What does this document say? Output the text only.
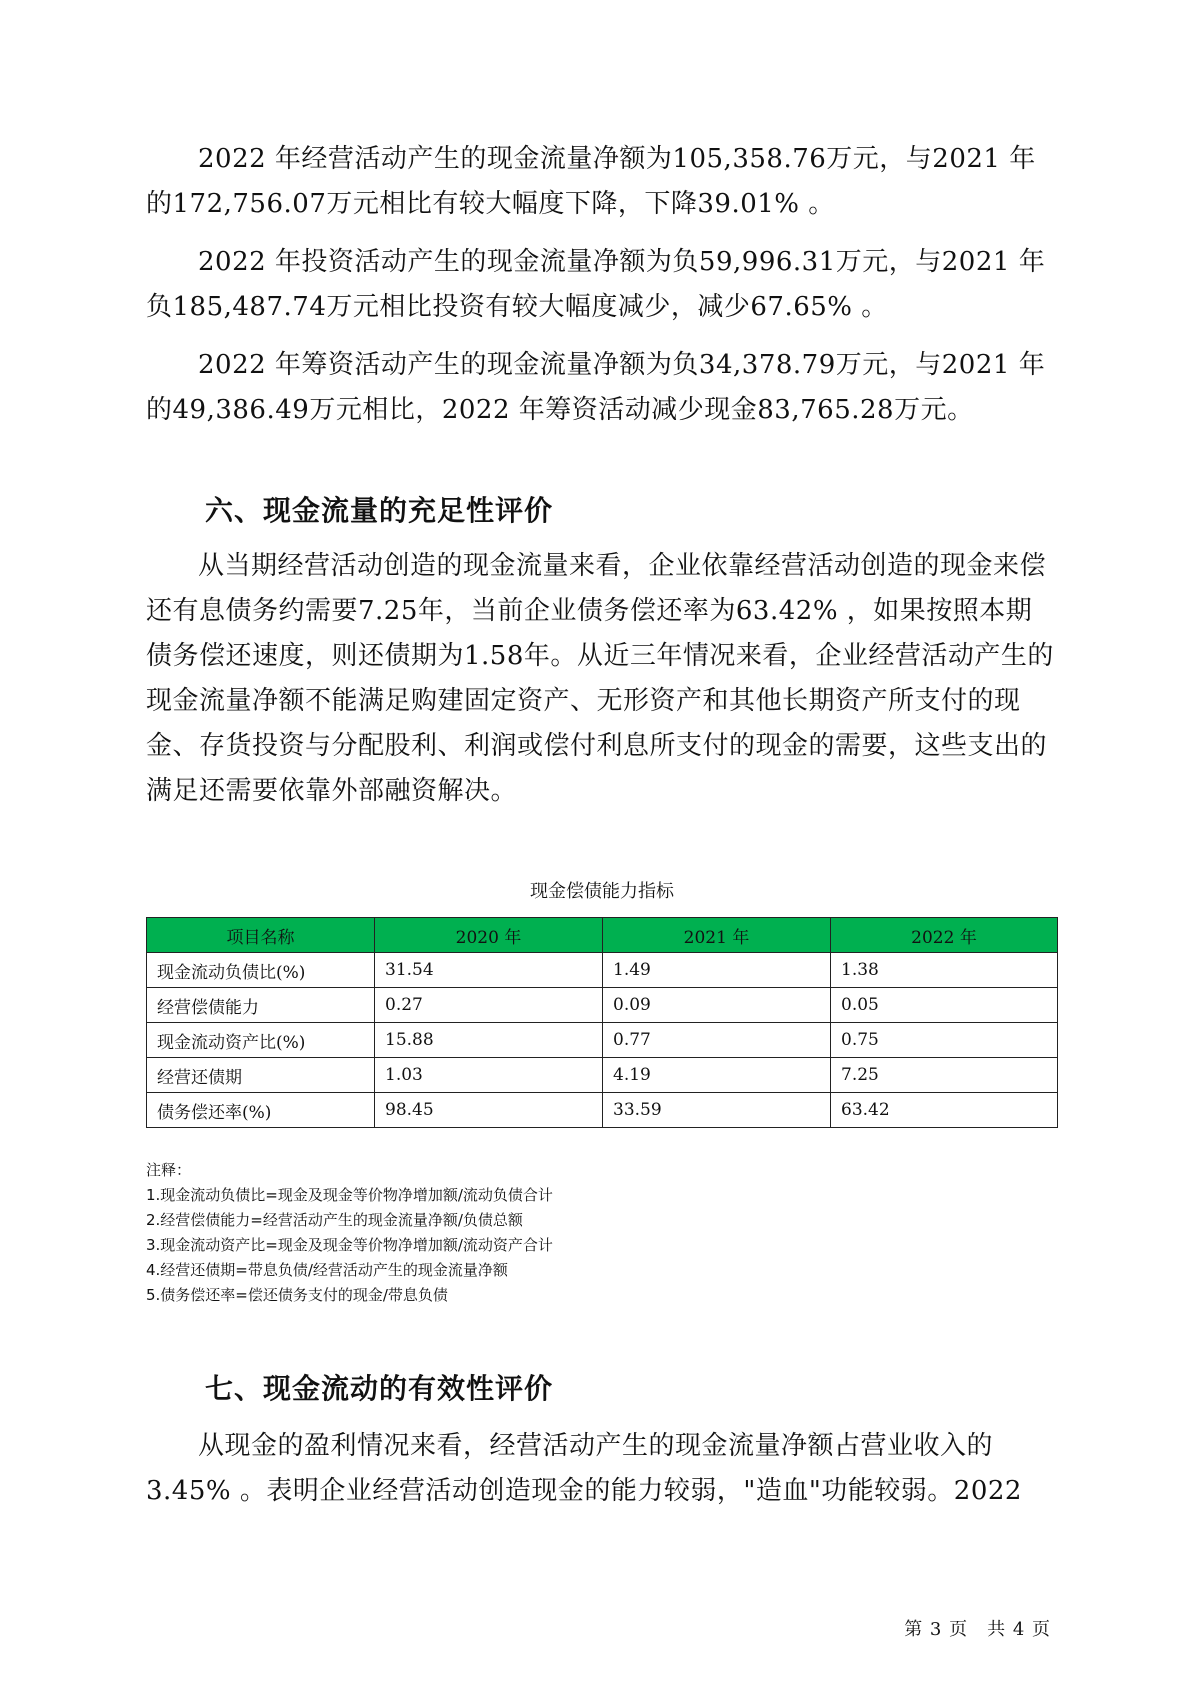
2022 年经营活动产生的现金流量净额为105,358.76万元，与2021 年的172,756.07万元相比有较大幅度下降，下降39.01% 。

2022 年投资活动产生的现金流量净额为负59,996.31万元，与2021 年负185,487.74万元相比投资有较大幅度减少，减少67.65% 。

2022 年筹资活动产生的现金流量净额为负34,378.79万元，与2021 年的49,386.49万元相比，2022 年筹资活动减少现金83,765.28万元。

六、现金流量的充足性评价

从当期经营活动创造的现金流量来看，企业依靠经营活动创造的现金来偿还有息债务约需要7.25年，当前企业债务偿还率为63.42% ，如果按照本期债务偿还速度，则还债期为1.58年。从近三年情况来看，企业经营活动产生的现金流量净额不能满足购建固定资产、无形资产和其他长期资产所支付的现金、存货投资与分配股利、利润或偿付利息所支付的现金的需要，这些支出的满足还需要依靠外部融资解决。

现金偿债能力指标
项目名称	2020 年	2021 年	2022 年
现金流动负债比(%)	31.54	1.49	1.38
经营偿债能力	0.27	0.09	0.05
现金流动资产比(%)	15.88	0.77	0.75
经营还债期	1.03	4.19	7.25
债务偿还率(%)	98.45	33.59	63.42
注释：
1.现金流动负债比=现金及现金等价物净增加额/流动负债合计
2.经营偿债能力=经营活动产生的现金流量净额/负债总额
3.现金流动资产比=现金及现金等价物净增加额/流动资产合计
4.经营还债期=带息负债/经营活动产生的现金流量净额
5.债务偿还率=偿还债务支付的现金/带息负债
七、现金流动的有效性评价

从现金的盈利情况来看，经营活动产生的现金流量净额占营业收入的3.45% 。表明企业经营活动创造现金的能力较弱，"造血"功能较弱。2022

第 3 页　共 4 页
